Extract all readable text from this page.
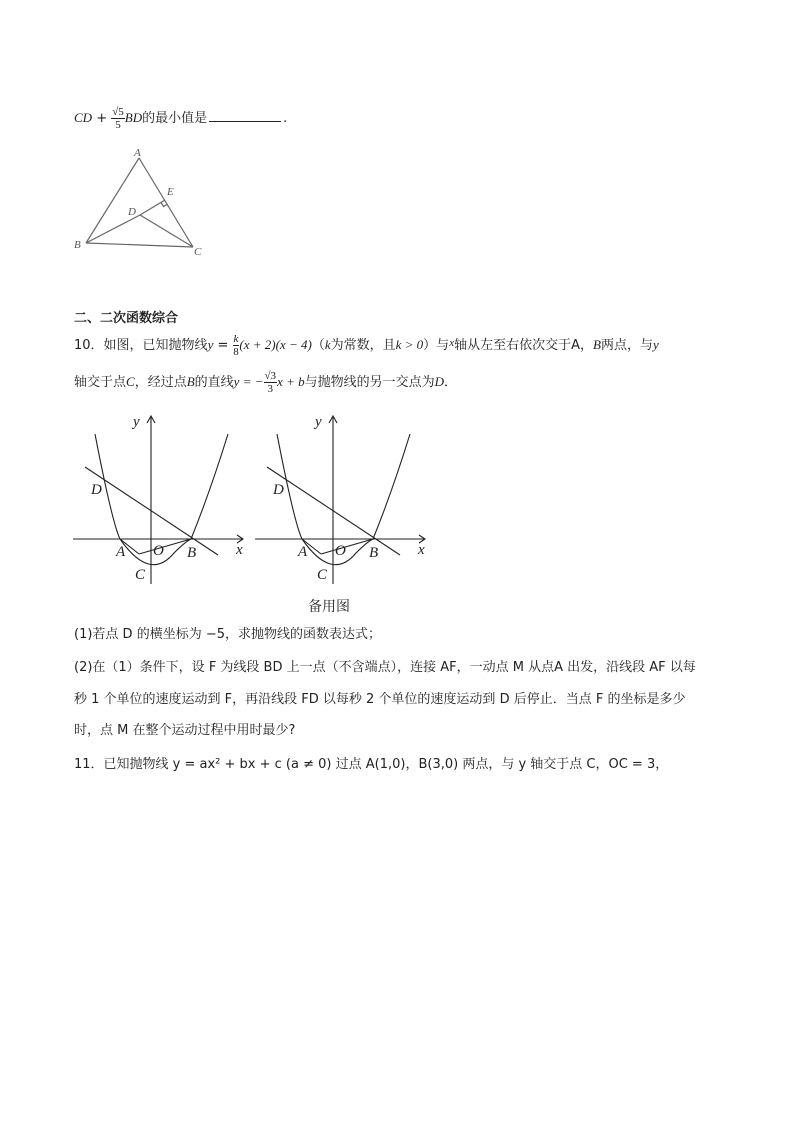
CD + $\frac{√5}{5}$ BD的最小值是	.
A
B
C
D
E
二、二次函数综合
10．如图，已知抛物线$y = \frac{k}{8} (x + 2)(x - 4)(k$为常数，且k > 0）与$^x$轴从左至右依次交于A，B两点，与y
轴交于点C，经过点B的直线y = − $\frac{√3}{3}$ x + b与抛物线的另一交点为D．
y
x
D
A O B
C
y
x
D
A O B
C
备用图
(1)若点 D 的横坐标为 −5，求抛物线的函数表达式；
(2)在（1）条件下，设 F 为线段 BD 上一点（不含端点），连接 AF，一动点 M 从点A 出发，沿线段 AF 以每
秒 1 个单位的速度运动到 F，再沿线段 FD 以每秒 2 个单位的速度运动到 D 后停止．当点 F 的坐标是多少
时，点 M 在整个运动过程中用时最少?
11．已知抛物线 y = ax² + bx + c (a ≠ 0) 过点 A(1,0)，B(3,0) 两点，与 y 轴交于点 C，OC = 3，
